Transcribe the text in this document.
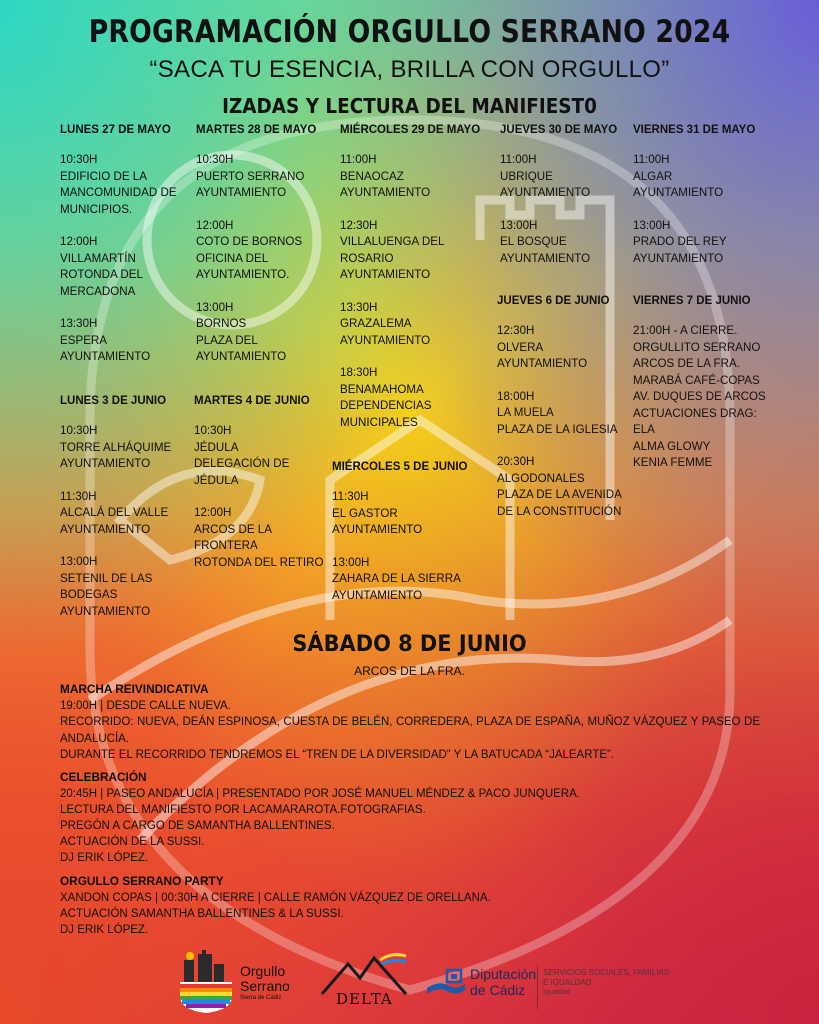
PROGRAMACIÓN ORGULLO SERRANO 2024
“SACA TU ESENCIA, BRILLA CON ORGULLO”
IZADAS Y LECTURA DEL MANIFIEST0
LUNES 27 DE MAYO
10:30H
EDIFICIO DE LA
MANCOMUNIDAD DE
MUNICIPIOS.
12:00H
VILLAMARTÍN
ROTONDA DEL
MERCADONA
13:30H
ESPERA
AYUNTAMIENTO
MARTES 28 DE MAYO
10:30H
PUERTO SERRANO
AYUNTAMIENTO
12:00H
COTO DE BORNOS
OFICINA DEL
AYUNTAMIENTO.
13:00H
BORNOS
PLAZA DEL
AYUNTAMIENTO
MIÉRCOLES 29 DE MAYO
11:00H
BENAOCAZ
AYUNTAMIENTO
12:30H
VILLALUENGA DEL
ROSARIO
AYUNTAMIENTO
13:30H
GRAZALEMA
AYUNTAMIENTO
18:30H
BENAMAHOMA
DEPENDENCIAS
MUNICIPALES
JUEVES 30 DE MAYO
11:00H
UBRIQUE
AYUNTAMIENTO
13:00H
EL BOSQUE
AYUNTAMIENTO
VIERNES 31 DE MAYO
11:00H
ALGAR
AYUNTAMIENTO
13:00H
PRADO DEL REY
AYUNTAMIENTO
LUNES 3 DE JUNIO
10:30H
TORRE ALHÁQUIME
AYUNTAMIENTO
11:30H
ALCALÁ DEL VALLE
AYUNTAMIENTO
13:00H
SETENIL DE LAS
BODEGAS
AYUNTAMIENTO
MARTES 4 DE JUNIO
10:30H
JÉDULA
DELEGACIÓN DE
JÉDULA
12:00H
ARCOS DE LA
FRONTERA
ROTONDA DEL RETIRO
MIÉRCOLES 5 DE JUNIO
11:30H
EL GASTOR
AYUNTAMIENTO
13:00H
ZAHARA DE LA SIERRA
AYUNTAMIENTO
JUEVES 6 DE JUNIO
12:30H
OLVERA
AYUNTAMIENTO
18:00H
LA MUELA
PLAZA DE LA IGLESIA
20:30H
ALGODONALES
PLAZA DE LA AVENIDA
DE LA CONSTITUCIÓN
VIERNES 7 DE JUNIO
21:00H - A CIERRE.
ORGULLITO SERRANO
ARCOS DE LA FRA.
MARABÁ CAFÉ-COPAS
AV. DUQUES DE ARCOS
ACTUACIONES DRAG:
ELA
ALMA GLOWY
KENIA FEMME
SÁBADO 8 DE JUNIO
ARCOS DE LA FRA.
MARCHA REIVINDICATIVA
19:00H | DESDE CALLE NUEVA.
RECORRIDO: NUEVA, DEÁN ESPINOSA, CUESTA DE BELÉN, CORREDERA, PLAZA DE ESPAÑA, MUÑOZ VÁZQUEZ Y PASEO DE ANDALUCÍA.
DURANTE EL RECORRIDO TENDREMOS EL “TREN DE LA DIVERSIDAD” Y LA BATUCADA “JALEARTE”.
CELEBRACIÓN
20:45H | PASEO ANDALUCÍA | PRESENTADO POR JOSÉ MANUEL MÉNDEZ & PACO JUNQUERA.
LECTURA DEL MANIFIESTO POR LACAMARAROTA.FOTOGRAFIAS.
PREGÓN A CARGO DE SAMANTHA BALLENTINES.
ACTUACIÓN DE LA SUSSI.
DJ ERIK LÓPEZ.
ORGULLO SERRANO PARTY
XANDON COPAS | 00:30H A CIERRE | CALLE RAMÓN VÁZQUEZ DE ORELLANA.
ACTUACIÓN SAMANTHA BALLENTINES & LA SUSSI.
DJ ERIK LÓPEZ.
Orgullo
Serrano
Sierra de Cádiz	DELTA
Diputación
de Cádiz
SERVICIOS SOCIALES, FAMILIAS
E IGUALDAD
Igualdad
